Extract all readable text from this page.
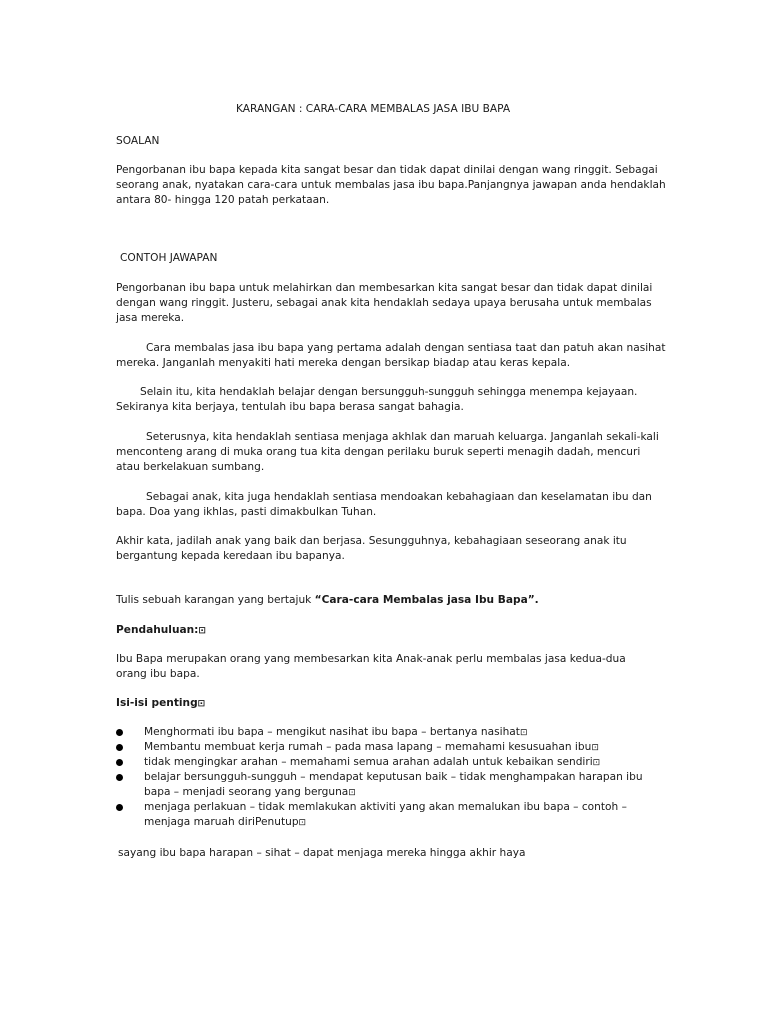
KARANGAN : CARA-CARA MEMBALAS JASA IBU BAPA
SOALAN
Pengorbanan ibu bapa kepada kita sangat besar dan tidak dapat dinilai dengan wang ringgit. Sebagai
seorang anak, nyatakan cara-cara untuk membalas jasa ibu bapa.Panjangnya jawapan anda hendaklah
antara 80- hingga 120 patah perkataan.
CONTOH JAWAPAN
Pengorbanan ibu bapa untuk melahirkan dan membesarkan kita sangat besar dan tidak dapat dinilai
dengan wang ringgit. Justeru, sebagai anak kita hendaklah sedaya upaya berusaha untuk membalas
jasa mereka.
Cara membalas jasa ibu bapa yang pertama adalah dengan sentiasa taat dan patuh akan nasihat
mereka. Janganlah menyakiti hati mereka dengan bersikap biadap atau keras kepala.
Selain itu, kita hendaklah belajar dengan bersungguh-sungguh sehingga menempa kejayaan.
Sekiranya kita berjaya, tentulah ibu bapa berasa sangat bahagia.
Seterusnya, kita hendaklah sentiasa menjaga akhlak dan maruah keluarga. Janganlah sekali-kali
menconteng arang di muka orang tua kita dengan perilaku buruk seperti menagih dadah, mencuri
atau berkelakuan sumbang.
Sebagai anak, kita juga hendaklah sentiasa mendoakan kebahagiaan dan keselamatan ibu dan
bapa. Doa yang ikhlas, pasti dimakbulkan Tuhan.
Akhir kata, jadilah anak yang baik dan berjasa. Sesungguhnya, kebahagiaan seseorang anak itu
bergantung kepada keredaan ibu bapanya.
Tulis sebuah karangan yang bertajuk “Cara-cara Membalas jasa Ibu Bapa”.
Pendahuluan:⊡
Ibu Bapa merupakan orang yang membesarkan kita Anak-anak perlu membalas jasa kedua-dua
orang ibu bapa.
Isi-isi penting⊡
Menghormati ibu bapa – mengikut nasihat ibu bapa – bertanya nasihat⊡
Membantu membuat kerja rumah – pada masa lapang – memahami kesusuahan ibu⊡
tidak mengingkar arahan – memahami semua arahan adalah untuk kebaikan sendiri⊡
belajar bersungguh-sungguh – mendapat keputusan baik – tidak menghampakan harapan ibu
bapa – menjadi seorang yang berguna⊡
menjaga perlakuan – tidak memlakukan aktiviti yang akan memalukan ibu bapa – contoh –
menjaga maruah diriPenutup⊡
sayang ibu bapa harapan – sihat – dapat menjaga mereka hingga akhir haya
